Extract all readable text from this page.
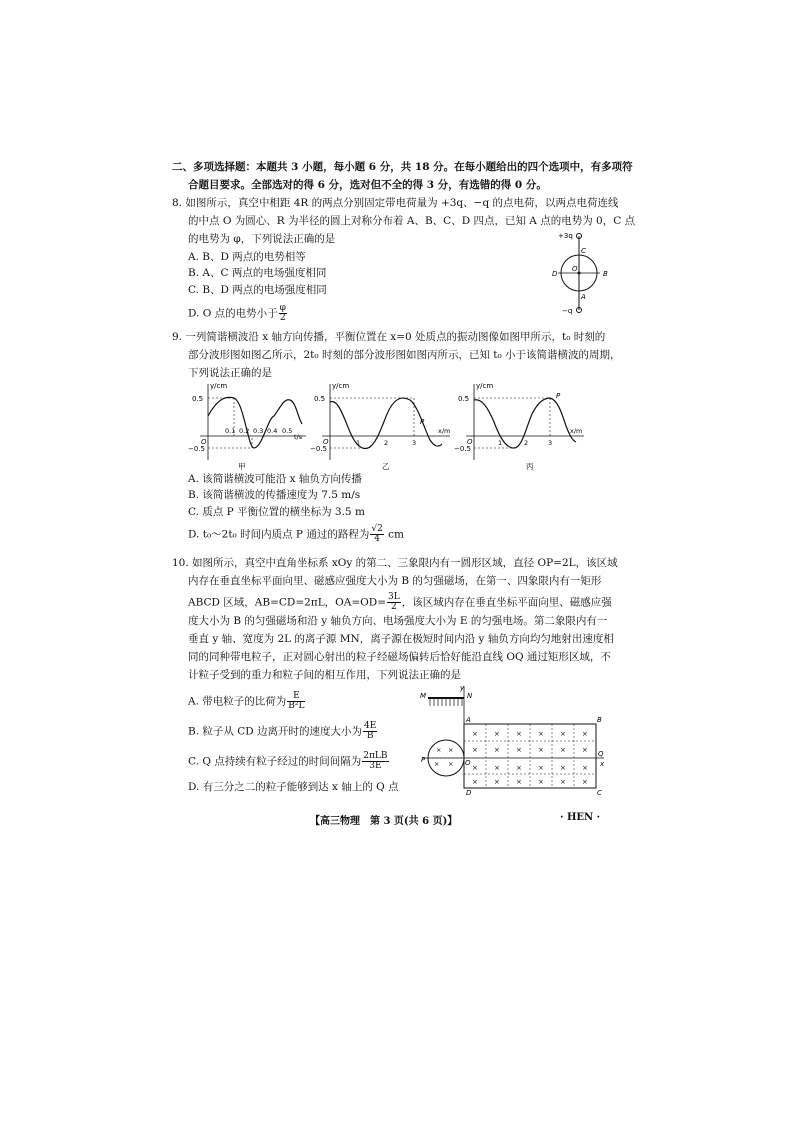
二、多项选择题：本题共 3 小题，每小题 6 分，共 18 分。在每小题给出的四个选项中，有多项符
合题目要求。全部选对的得 6 分，选对但不全的得 3 分，有选错的得 0 分。
8. 如图所示，真空中相距 4R 的两点分别固定带电荷量为 +3q、−q 的点电荷，以两点电荷连线
的中点 O 为圆心、R 为半径的圆上对称分布着 A、B、C、D 四点，已知 A 点的电势为 0，C 点
的电势为 φ，下列说法正确的是
A. B、D 两点的电势相等
B. A、C 两点的电场强度相同
C. B、D 两点的电场强度相同
D. O 点的电势小于 $\frac{\varphi}{2}$
+3q
−q
C
A
B
D
O
9. 一列简谐横波沿 x 轴方向传播，平衡位置在 x=0 处质点的振动图像如图甲所示，t₀ 时刻的
部分波形图如图乙所示，2t₀ 时刻的部分波形图如图丙所示，已知 t₀ 小于该简谐横波的周期，
下列说法正确的是
y/cm
0.5
−0.5
O
0.1 0.2 0.3 0.4 0.5
t/s
甲
y/cm
0.5
−0.5
O	1	2	3
P
x/m
乙
y/cm
0.5
−0.5
O	1	2	3
P
x/m
丙
A. 该简谐横波可能沿 x 轴负方向传播
B. 该简谐横波的传播速度为 7.5 m/s
C. 质点 P 平衡位置的横坐标为 3.5 m
D. t₀～2t₀ 时间内质点 P 通过的路程为 $\frac{√2}{4}$ cm
10. 如图所示，真空中直角坐标系 xOy 的第二、三象限内有一圆形区域，直径 OP=2L，该区域
内存在垂直坐标平面向里、磁感应强度大小为 B 的匀强磁场，在第一、四象限内有一矩形
ABCD 区域，AB=CD=2πL，$OA=OD= \frac{3L}{2}$ ，该区域内存在垂直坐标平面向里、磁感应强
度大小为 B 的匀强磁场和沿 y 轴负方向、电场强度大小为 E 的匀强电场。第二象限内有一
垂直 y 轴、宽度为 2L 的离子源 MN，离子源在极短时间内沿 y 轴负方向均匀地射出速度相
同的同种带电粒子，正对圆心射出的粒子经磁场偏转后恰好能沿直线 OQ 通过矩形区域，不
计粒子受到的重力和粒子间的相互作用，下列说法正确的是
A. 带电粒子的比荷为 $\frac{E}{\text{B²L}}$
B. 粒子从 CD 边离开时的速度大小为 $\frac{4E}{B}$
C. Q 点持续有粒子经过的时间间隔为 $\frac{\text{2πLB}}{3E}$
D. 有三分之二的粒子能够到达 x 轴上的 Q 点
M	N
y
x
× ×
× ×
P	O
× × × × × ×
× × × × × ×
× × × × × ×
× × × × × ×
A	B
C
D
Q
【高三物理　第 3 页(共 6 页)】	· HEN ·
